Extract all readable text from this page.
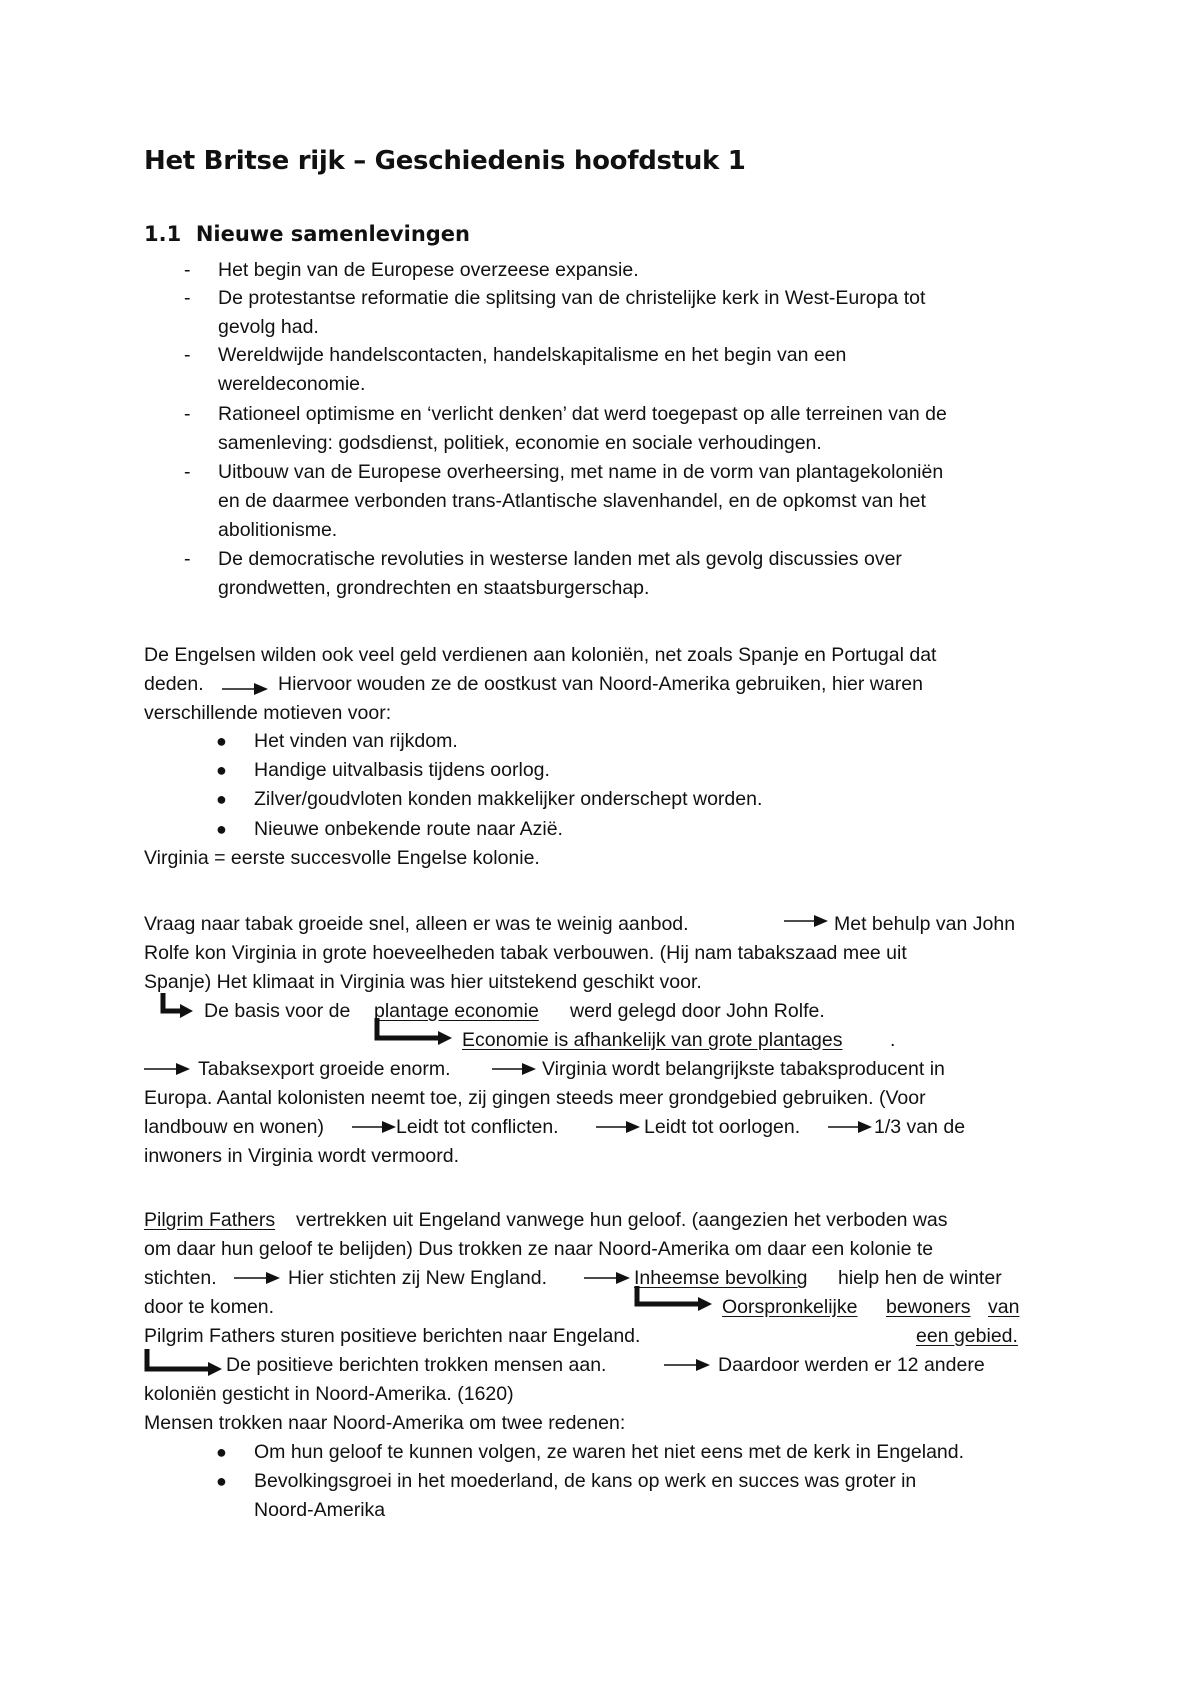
Het Britse rijk – Geschiedenis hoofdstuk 1
1.1 Nieuwe samenlevingen
- Het begin van de Europese overzeese expansie.
- De protestantse reformatie die splitsing van de christelijke kerk in West-Europa tot
gevolg had.
- Wereldwijde handelscontacten, handelskapitalisme en het begin van een
wereldeconomie.
- Rationeel optimisme en ‘verlicht denken’ dat werd toegepast op alle terreinen van de
samenleving: godsdienst, politiek, economie en sociale verhoudingen.
- Uitbouw van de Europese overheersing, met name in de vorm van plantagekoloniën
en de daarmee verbonden trans-Atlantische slavenhandel, en de opkomst van het
abolitionisme.
- De democratische revoluties in westerse landen met als gevolg discussies over
grondwetten, grondrechten en staatsburgerschap.
De Engelsen wilden ook veel geld verdienen aan koloniën, net zoals Spanje en Portugal dat
deden.	Hiervoor wouden ze de oostkust van Noord-Amerika gebruiken, hier waren
verschillende motieven voor:
● Het vinden van rijkdom.
● Handige uitvalbasis tijdens oorlog.
● Zilver/goudvloten konden makkelijker onderschept worden.
● Nieuwe onbekende route naar Azië.
Virginia = eerste succesvolle Engelse kolonie.
Vraag naar tabak groeide snel, alleen er was te weinig aanbod.	Met behulp van John
Rolfe kon Virginia in grote hoeveelheden tabak verbouwen. (Hij nam tabakszaad mee uit
Spanje) Het klimaat in Virginia was hier uitstekend geschikt voor.
De basis voor de plantage economie werd gelegd door John Rolfe.
Economie is afhankelijk van grote plantages .
Tabaksexport groeide enorm.	Virginia wordt belangrijkste tabaksproducent in
Europa. Aantal kolonisten neemt toe, zij gingen steeds meer grondgebied gebruiken. (Voor
landbouw en wonen)	Leidt tot conflicten.	Leidt tot oorlogen.	1/3 van de
inwoners in Virginia wordt vermoord.
Pilgrim Fathers vertrekken uit Engeland vanwege hun geloof. (aangezien het verboden was
om daar hun geloof te belijden) Dus trokken ze naar Noord-Amerika om daar een kolonie te
stichten.	Hier stichten zij New England.	Inheemse bevolking hielp hen de winter
door te komen.	Oorspronkelijke bewoners van
Pilgrim Fathers sturen positieve berichten naar Engeland.	een gebied.
De positieve berichten trokken mensen aan.	Daardoor werden er 12 andere
koloniën gesticht in Noord-Amerika. (1620)
Mensen trokken naar Noord-Amerika om twee redenen:
● Om hun geloof te kunnen volgen, ze waren het niet eens met de kerk in Engeland.
● Bevolkingsgroei in het moederland, de kans op werk en succes was groter in
Noord-Amerika
